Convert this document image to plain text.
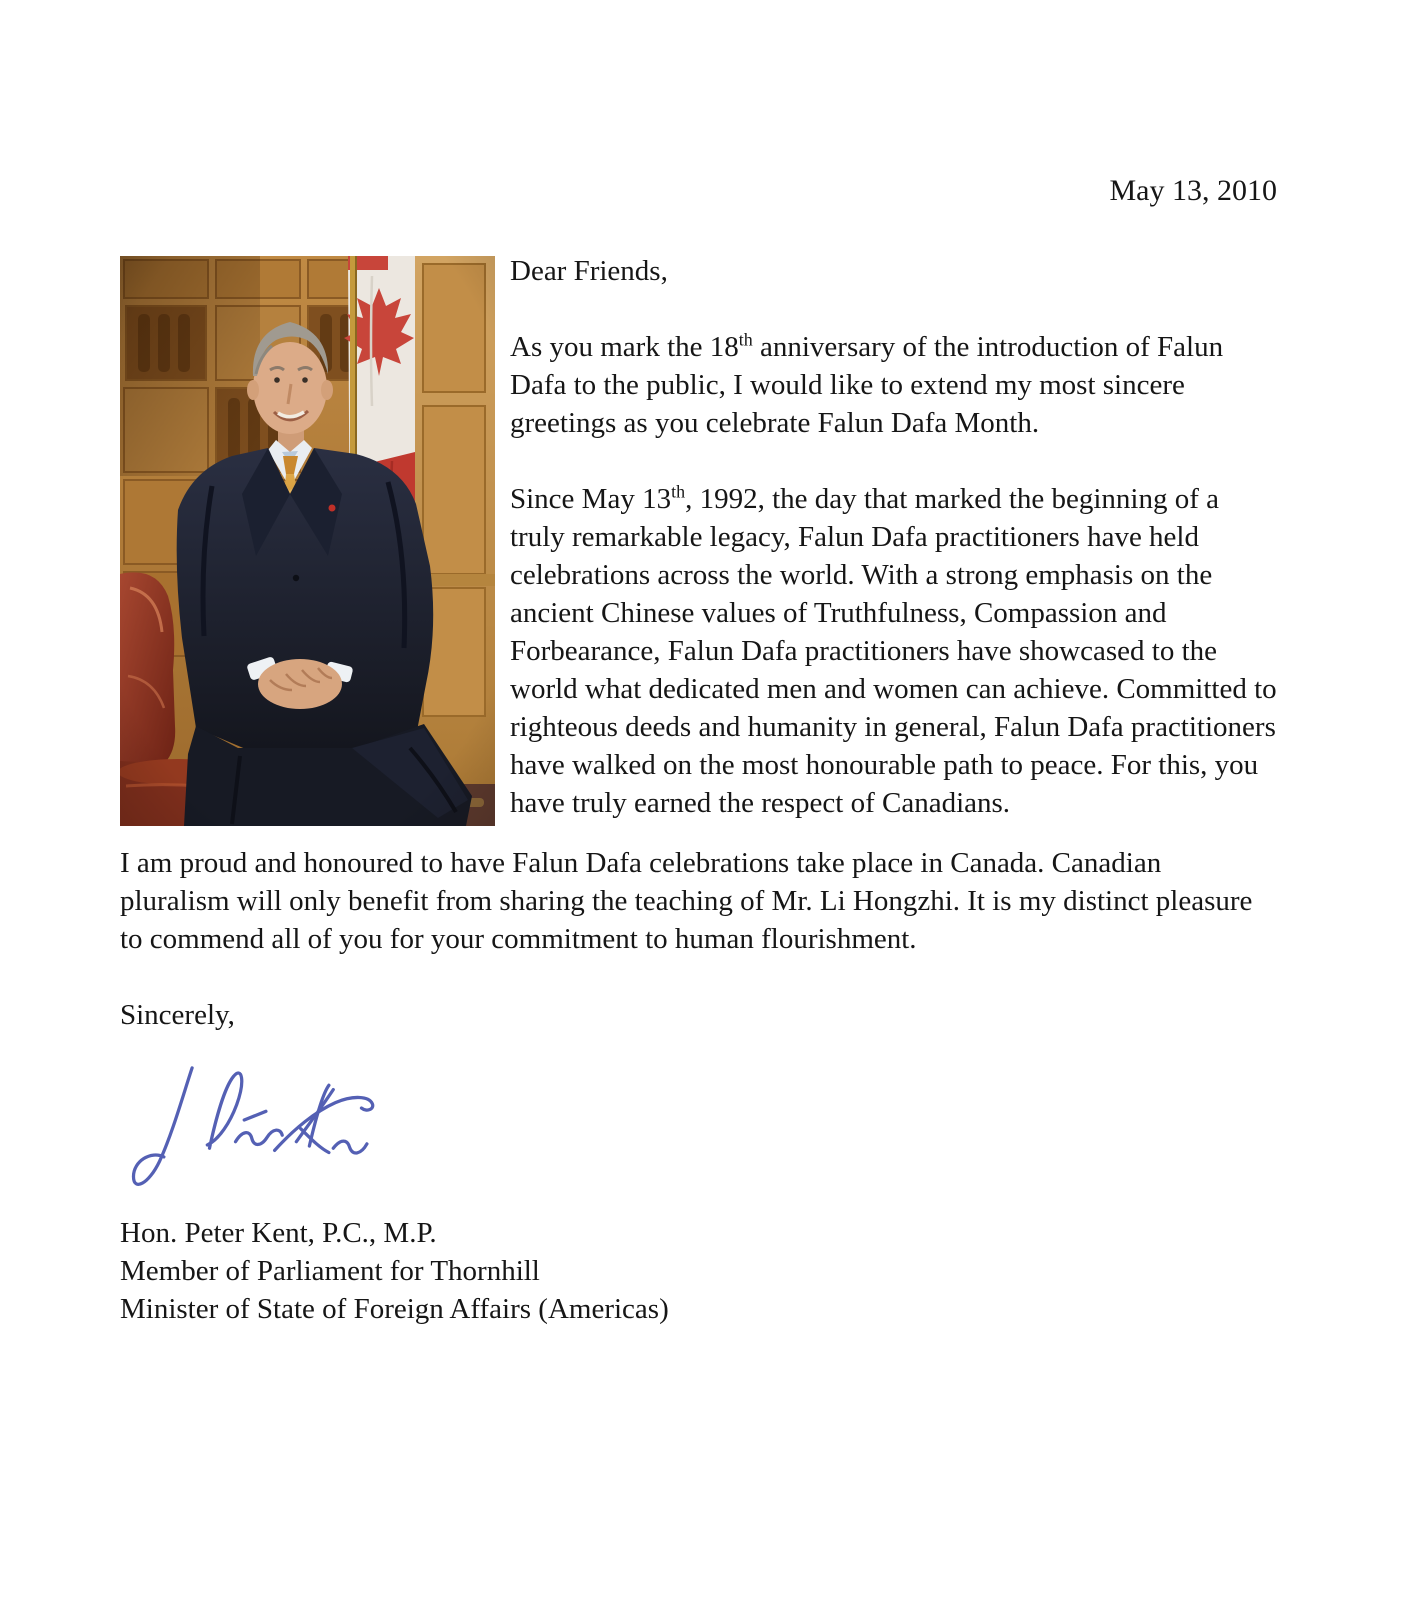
May 13, 2010

Dear Friends,

As you mark the 18th anniversary of the introduction of Falun Dafa to the public, I would like to extend my most sincere greetings as you celebrate Falun Dafa Month.

Since May 13th, 1992, the day that marked the beginning of a truly remarkable legacy, Falun Dafa practitioners have held celebrations across the world. With a strong emphasis on the ancient Chinese values of Truthfulness, Compassion and Forbearance, Falun Dafa practitioners have showcased to the world what dedicated men and women can achieve. Committed to righteous deeds and humanity in general, Falun Dafa practitioners have walked on the most honourable path to peace. For this, you have truly earned the respect of Canadians.

I am proud and honoured to have Falun Dafa celebrations take place in Canada. Canadian pluralism will only benefit from sharing the teaching of Mr. Li Hongzhi. It is my distinct pleasure to commend all of you for your commitment to human flourishment.

Sincerely,

Hon. Peter Kent, P.C., M.P.
Member of Parliament for Thornhill
Minister of State of Foreign Affairs (Americas)
